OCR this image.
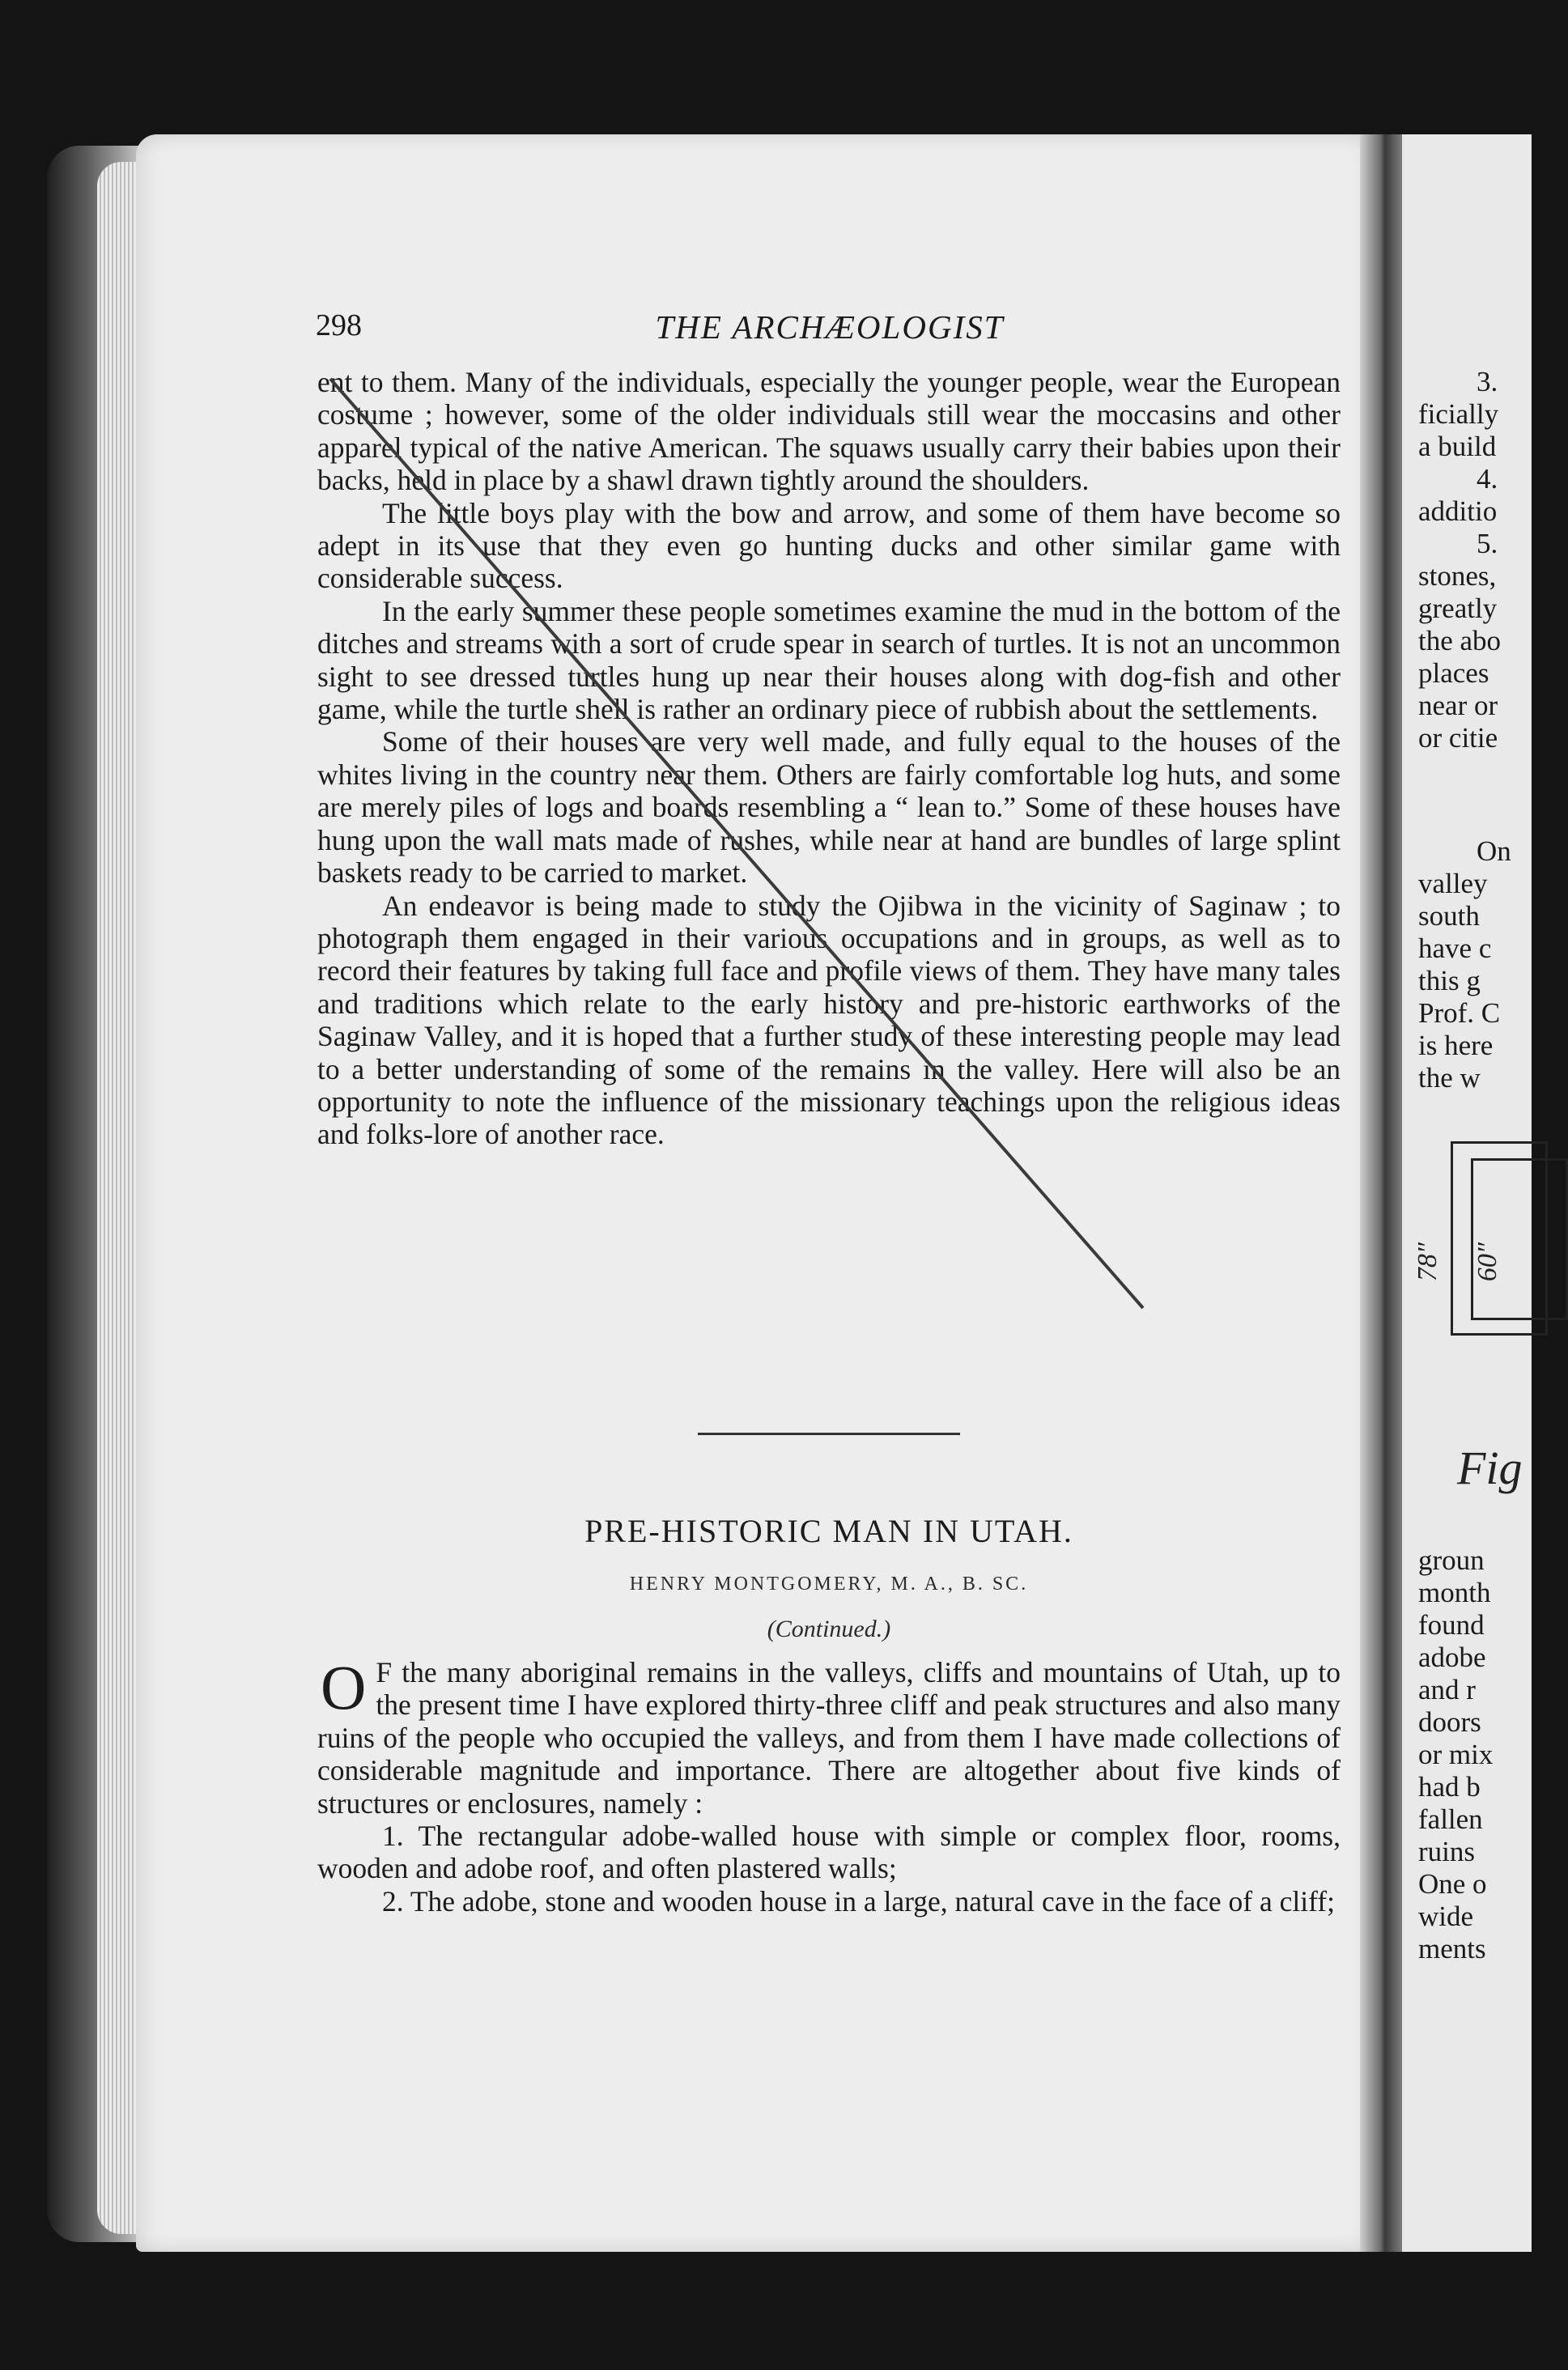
3.
ficially
a build
4.
additio
5.
stones,
greatly
the abo
places
near or
or citie
On
valley
south
have c
this g
Prof. C
is here
the w
78″ 60″
Fig
groun
month
found
adobe
and r
doors
or mix
had b
fallen
ruins
One o
wide
ments
298	THE ARCHÆOLOGIST

ent to them. Many of the individuals, especially the younger people, wear the European costume ; however, some of the older individuals still wear the moccasins and other apparel typical of the native American. The squaws usually carry their babies upon their backs, held in place by a shawl drawn tightly around the shoulders.

The little boys play with the bow and arrow, and some of them have become so adept in its use that they even go hunting ducks and other similar game with considerable success.

In the early summer these people sometimes examine the mud in the bottom of the ditches and streams with a sort of crude spear in search of turtles. It is not an uncommon sight to see dressed turtles hung up near their houses along with dog-fish and other game, while the turtle shell is rather an ordinary piece of rubbish about the settlements.

Some of their houses are very well made, and fully equal to the houses of the whites living in the country near them. Others are fairly comfortable log huts, and some are merely piles of logs and boards resembling a “ lean to.” Some of these houses have hung upon the wall mats made of rushes, while near at hand are bundles of large splint baskets ready to be carried to market.

An endeavor is being made to study the Ojibwa in the vicinity of Saginaw ; to photograph them engaged in their various occupations and in groups, as well as to record their features by taking full face and profile views of them. They have many tales and traditions which relate to the early history and pre-historic earthworks of the Saginaw Valley, and it is hoped that a further study of these interesting people may lead to a better understanding of some of the remains in the valley. Here will also be an opportunity to note the influence of the missionary teachings upon the religious ideas and folks-lore of another race.

PRE-HISTORIC MAN IN UTAH.
HENRY MONTGOMERY, M. A., B. SC.
(Continued.)

O F the many aboriginal remains in the valleys, cliffs and mountains of Utah, up to the present time I have explored thirty-three cliff and peak structures and also many ruins of the people who occupied the valleys, and from them I have made collections of considerable magnitude and importance. There are altogether about five kinds of structures or enclosures, namely :

1. The rectangular adobe-walled house with simple or complex floor, rooms, wooden and adobe roof, and often plastered walls;

2. The adobe, stone and wooden house in a large, natural cave in the face of a cliff;
